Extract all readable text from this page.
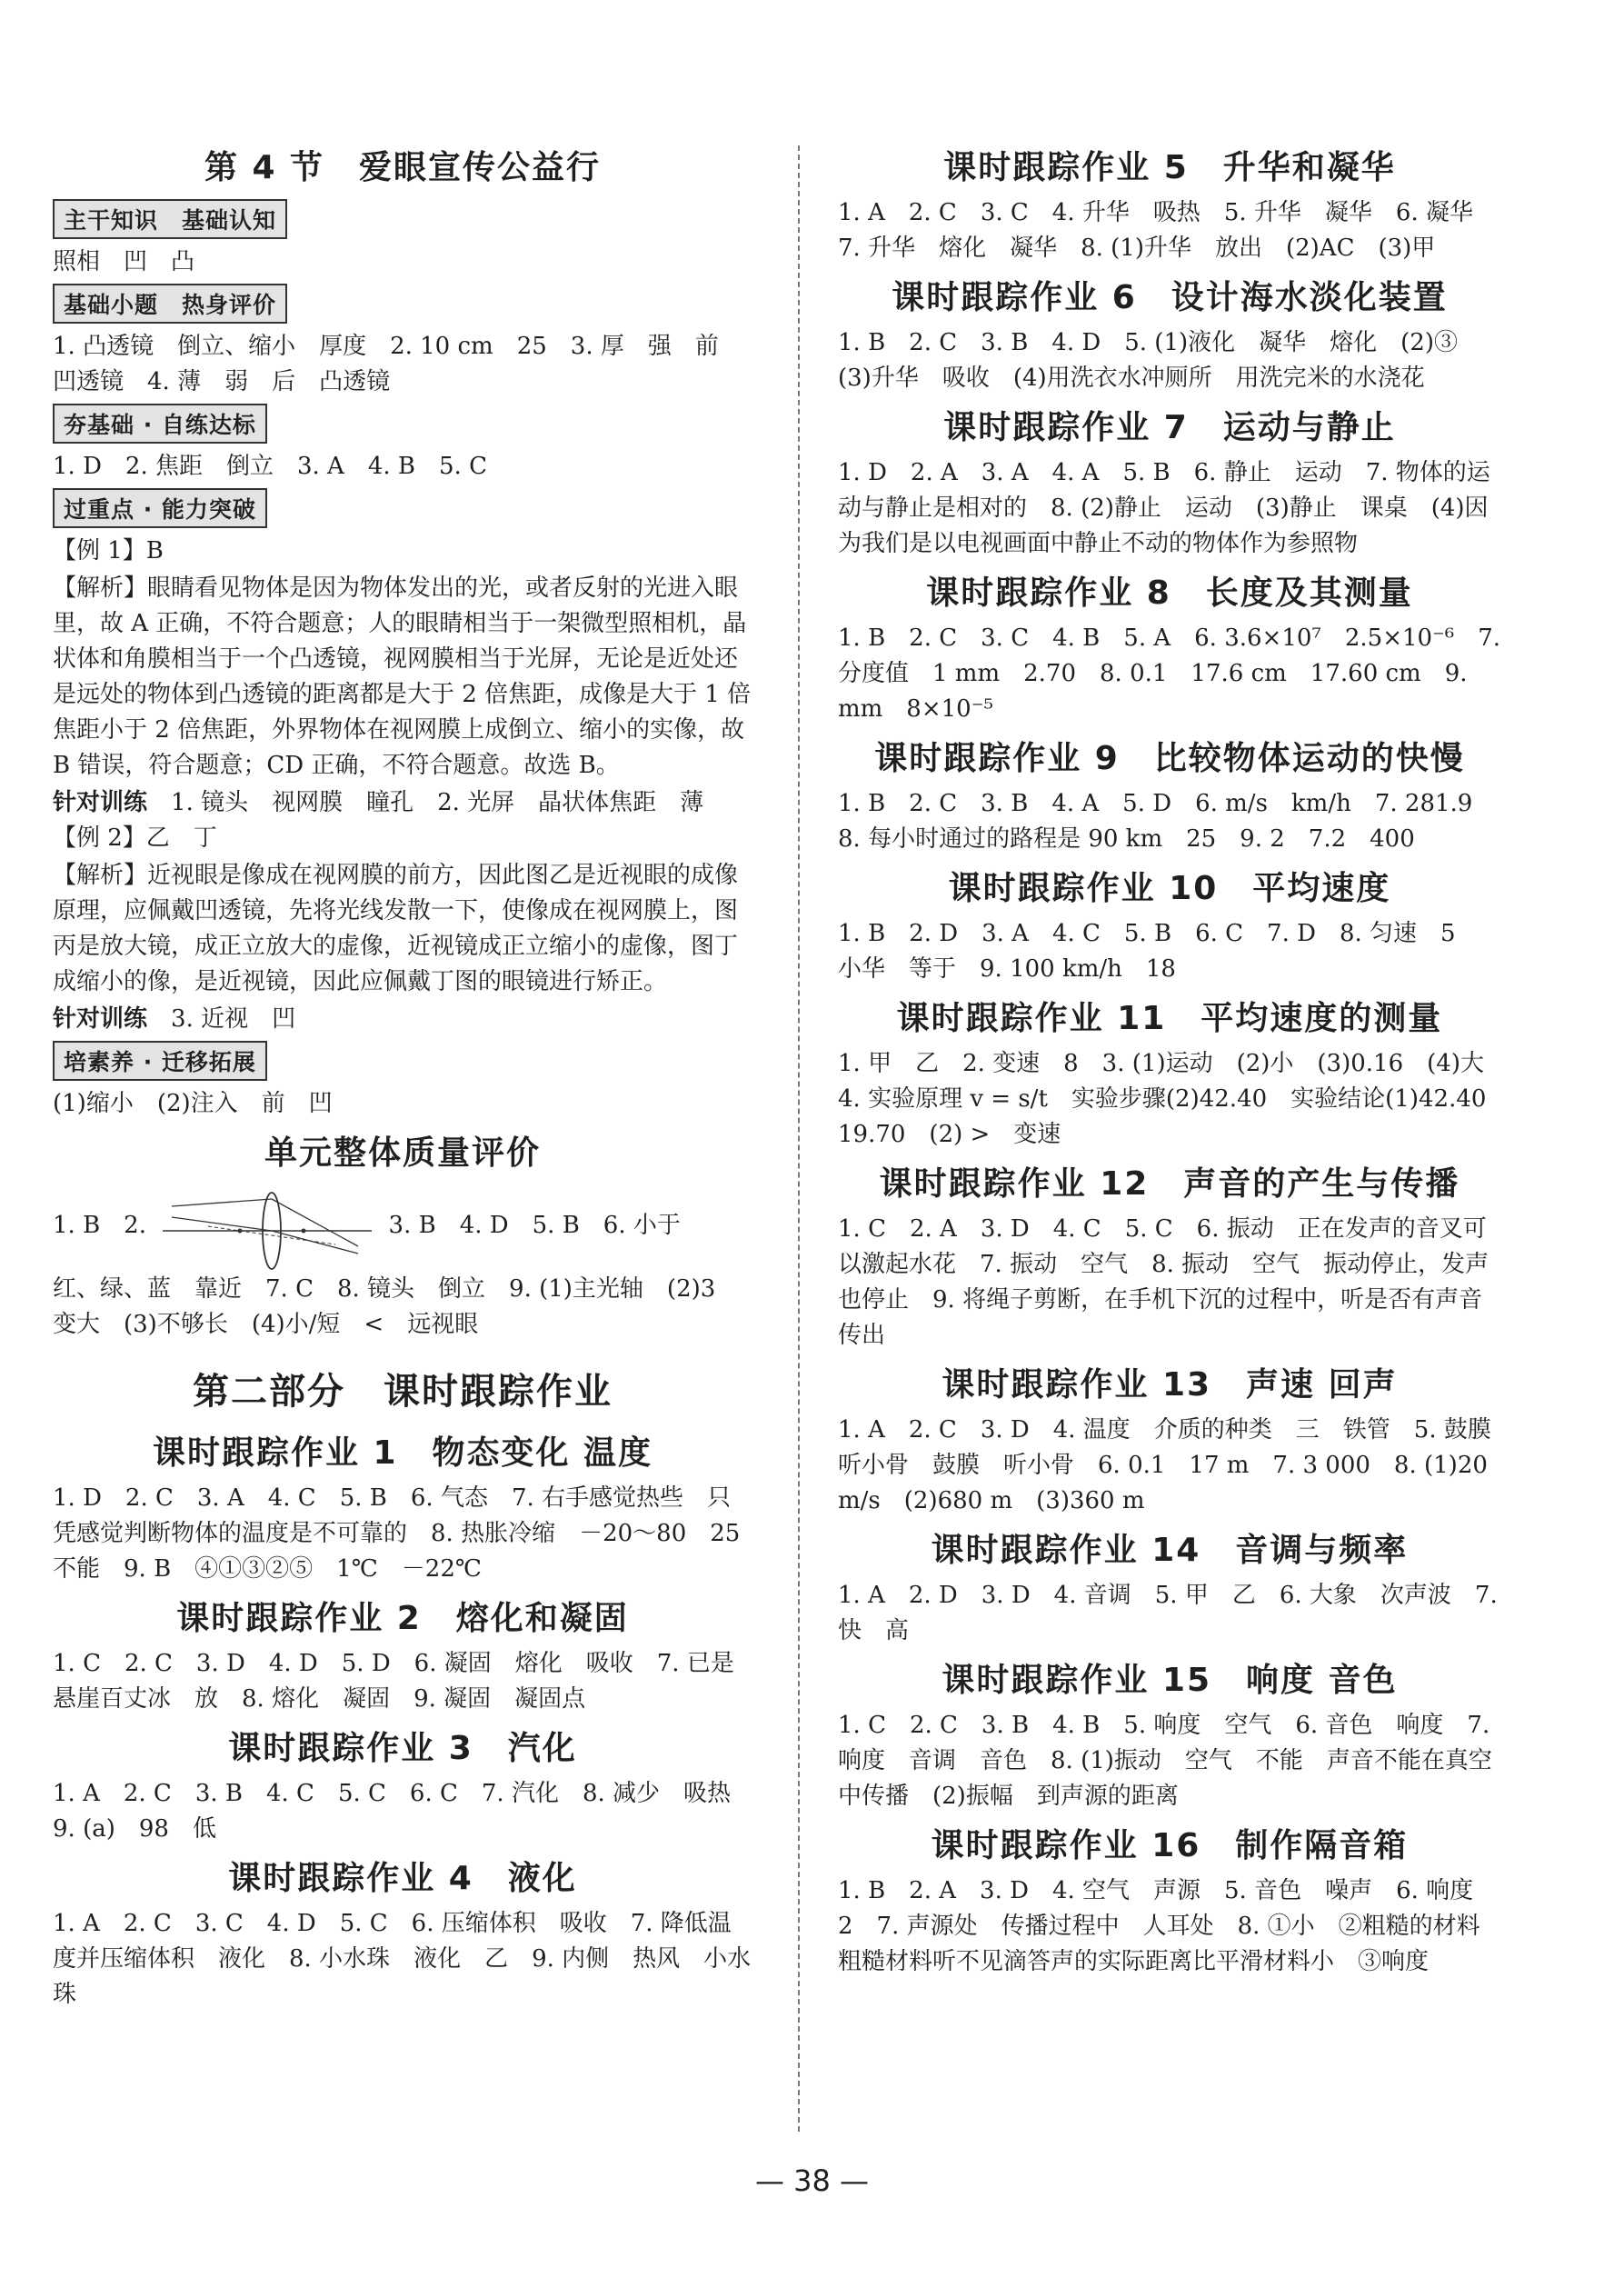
第 4 节　爱眼宣传公益行
主干知识　基础认知

照相　凹　凸

基础小题　热身评价

1. 凸透镜　倒立、缩小　厚度　2. 10 cm　25　3. 厚　强　前

凹透镜　4. 薄　弱　后　凸透镜

夯基础 · 自练达标

1. D　2. 焦距　倒立　3. A　4. B　5. C

过重点 · 能力突破

【例 1】B

【解析】眼睛看见物体是因为物体发出的光，或者反射的光进入眼里，故 A 正确，不符合题意；人的眼睛相当于一架微型照相机，晶状体和角膜相当于一个凸透镜，视网膜相当于光屏，无论是近处还是远处的物体到凸透镜的距离都是大于 2 倍焦距，成像是大于 1 倍焦距小于 2 倍焦距，外界物体在视网膜上成倒立、缩小的实像，故 B 错误，符合题意；CD 正确，不符合题意。故选 B。

针对训练　 1. 镜头　视网膜　瞳孔　2. 光屏　晶状体焦距　薄

【例 2】乙　丁

【解析】近视眼是像成在视网膜的前方，因此图乙是近视眼的成像原理，应佩戴凹透镜，先将光线发散一下，使像成在视网膜上，图丙是放大镜，成正立放大的虚像，近视镜成正立缩小的虚像，图丁成缩小的像，是近视镜，因此应佩戴丁图的眼镜进行矫正。

针对训练　 3. 近视　凹

培素养 · 迁移拓展

(1)缩小　(2)注入　前　凹

单元整体质量评价

1. B　2.	3. B　4. D　5. B　6. 小于

红、绿、蓝　靠近　7. C　8. 镜头　倒立　9. (1)主光轴　(2)3

变大　(3)不够长　(4)小/短　<　远视眼

第二部分　课时跟踪作业
课时跟踪作业 1　物态变化 温度

1. D　2. C　3. A　4. C　5. B　6. 气态　7. 右手感觉热些　只凭感觉判断物体的温度是不可靠的　8. 热胀冷缩　－20～80　25　不能　9. B　④①③②⑤　1℃　－22℃

课时跟踪作业 2　熔化和凝固

1. C　2. C　3. D　4. D　5. D　6. 凝固　熔化　吸收　7. 已是悬崖百丈冰　放　8. 熔化　凝固　9. 凝固　凝固点

课时跟踪作业 3　汽化

1. A　2. C　3. B　4. C　5. C　6. C　7. 汽化　8. 减少　吸热　9. (a)　98　低

课时跟踪作业 4　液化

1. A　2. C　3. C　4. D　5. C　6. 压缩体积　吸收　7. 降低温度并压缩体积　液化　8. 小水珠　液化　乙　9. 内侧　热风　小水珠

课时跟踪作业 5　升华和凝华

1. A　2. C　3. C　4. 升华　吸热　5. 升华　凝华　6. 凝华　7. 升华　熔化　凝华　8. (1)升华　放出　(2)AC　(3)甲

课时跟踪作业 6　设计海水淡化装置

1. B　2. C　3. B　4. D　5. (1)液化　凝华　熔化　(2)③　(3)升华　吸收　(4)用洗衣水冲厕所　用洗完米的水浇花

课时跟踪作业 7　运动与静止

1. D　2. A　3. A　4. A　5. B　6. 静止　运动　7. 物体的运动与静止是相对的　8. (2)静止　运动　(3)静止　课桌　(4)因为我们是以电视画面中静止不动的物体作为参照物

课时跟踪作业 8　长度及其测量

1. B　2. C　3. C　4. B　5. A　6. 3.6×10⁷　2.5×10⁻⁶　7. 分度值　1 mm　2.70　8. 0.1　17.6 cm　17.60 cm　9. mm　8×10⁻⁵

课时跟踪作业 9　比较物体运动的快慢

1. B　2. C　3. B　4. A　5. D　6. m/s　km/h　7. 281.9　8. 每小时通过的路程是 90 km　25　9. 2　7.2　400

课时跟踪作业 10　平均速度

1. B　2. D　3. A　4. C　5. B　6. C　7. D　8. 匀速　5　小华　等于　9. 100 km/h　18

课时跟踪作业 11　平均速度的测量

1. 甲　乙　2. 变速　8　3. (1)运动　(2)小　(3)0.16　(4)大　4. 实验原理 v = s/t　实验步骤(2)42.40　实验结论(1)42.40　19.70　(2) >　变速

课时跟踪作业 12　声音的产生与传播

1. C　2. A　3. D　4. C　5. C　6. 振动　正在发声的音叉可以激起水花　7. 振动　空气　8. 振动　空气　振动停止，发声也停止　9. 将绳子剪断，在手机下沉的过程中，听是否有声音传出

课时跟踪作业 13　声速 回声

1. A　2. C　3. D　4. 温度　介质的种类　三　铁管　5. 鼓膜　听小骨　鼓膜　听小骨　6. 0.1　17 m　7. 3 000　8. (1)20 m/s　(2)680 m　(3)360 m

课时跟踪作业 14　音调与频率

1. A　2. D　3. D　4. 音调　5. 甲　乙　6. 大象　次声波　7. 快　高

课时跟踪作业 15　响度 音色

1. C　2. C　3. B　4. B　5. 响度　空气　6. 音色　响度　7. 响度　音调　音色　8. (1)振动　空气　不能　声音不能在真空中传播　(2)振幅　到声源的距离

课时跟踪作业 16　制作隔音箱

1. B　2. A　3. D　4. 空气　声源　5. 音色　噪声　6. 响度　2　7. 声源处　传播过程中　人耳处　8. ①小　②粗糙的材料　粗糙材料听不见滴答声的实际距离比平滑材料小　③响度

— 38 —
